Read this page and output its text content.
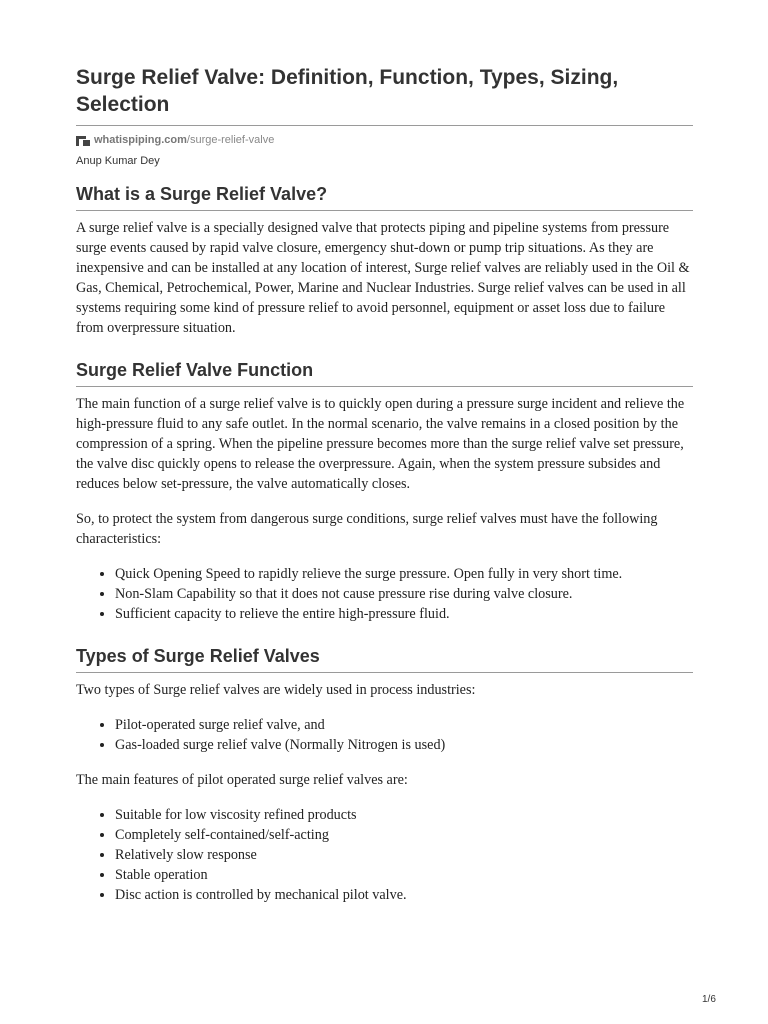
Surge Relief Valve: Definition, Function, Types, Sizing, Selection
whatispiping.com /surge-relief-valve
Anup Kumar Dey
What is a Surge Relief Valve?

A surge relief valve is a specially designed valve that protects piping and pipeline systems from pressure surge events caused by rapid valve closure, emergency shut-down or pump trip situations. As they are inexpensive and can be installed at any location of interest, Surge relief valves are reliably used in the Oil & Gas, Chemical, Petrochemical, Power, Marine and Nuclear Industries. Surge relief valves can be used in all systems requiring some kind of pressure relief to avoid personnel, equipment or asset loss due to failure from overpressure situation.

Surge Relief Valve Function

The main function of a surge relief valve is to quickly open during a pressure surge incident and relieve the high-pressure fluid to any safe outlet. In the normal scenario, the valve remains in a closed position by the compression of a spring. When the pipeline pressure becomes more than the surge relief valve set pressure, the valve disc quickly opens to release the overpressure. Again, when the system pressure subsides and reduces below set-pressure, the valve automatically closes.

So, to protect the system from dangerous surge conditions, surge relief valves must have the following characteristics:

• Quick Opening Speed to rapidly relieve the surge pressure. Open fully in very short time.
• Non-Slam Capability so that it does not cause pressure rise during valve closure.
• Sufficient capacity to relieve the entire high-pressure fluid.
Types of Surge Relief Valves

Two types of Surge relief valves are widely used in process industries:

• Pilot-operated surge relief valve, and
• Gas-loaded surge relief valve (Normally Nitrogen is used)

The main features of pilot operated surge relief valves are:

• Suitable for low viscosity refined products
• Completely self-contained/self-acting
• Relatively slow response
• Stable operation
• Disc action is controlled by mechanical pilot valve.
1/6
